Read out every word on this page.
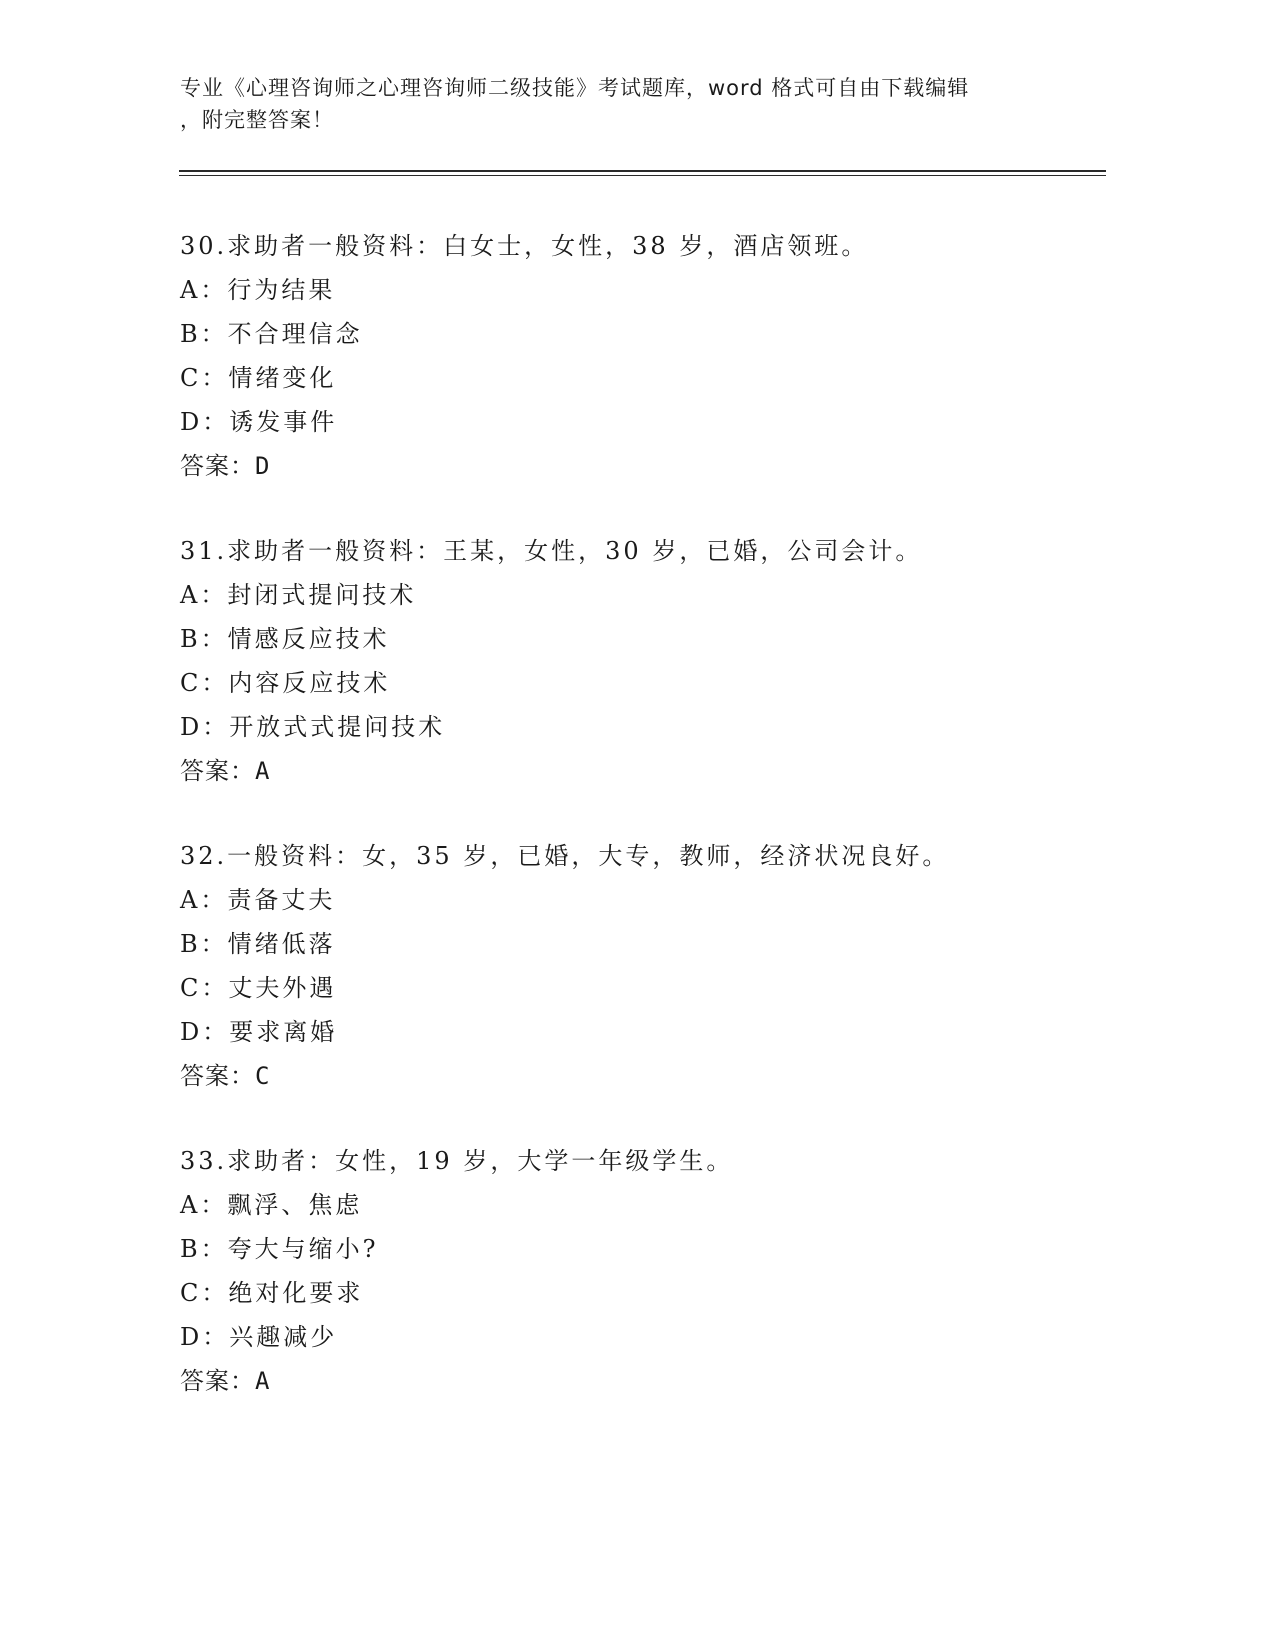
专业《心理咨询师之心理咨询师二级技能》考试题库，word 格式可自由下载编辑
，附完整答案！
30.求助者一般资料：白女士，女性，38 岁，酒店领班。
A：行为结果
B：不合理信念
C：情绪变化
D：诱发事件
答案：D
31.求助者一般资料：王某，女性，30 岁，已婚，公司会计。
A：封闭式提问技术
B：情感反应技术
C：内容反应技术
D：开放式式提问技术
答案：A
32.一般资料：女，35 岁，已婚，大专，教师，经济状况良好。
A：责备丈夫
B：情绪低落
C：丈夫外遇
D：要求离婚
答案：C
33.求助者：女性，19 岁，大学一年级学生。
A：飘浮、焦虑
B：夸大与缩小?
C：绝对化要求
D：兴趣减少
答案：A
